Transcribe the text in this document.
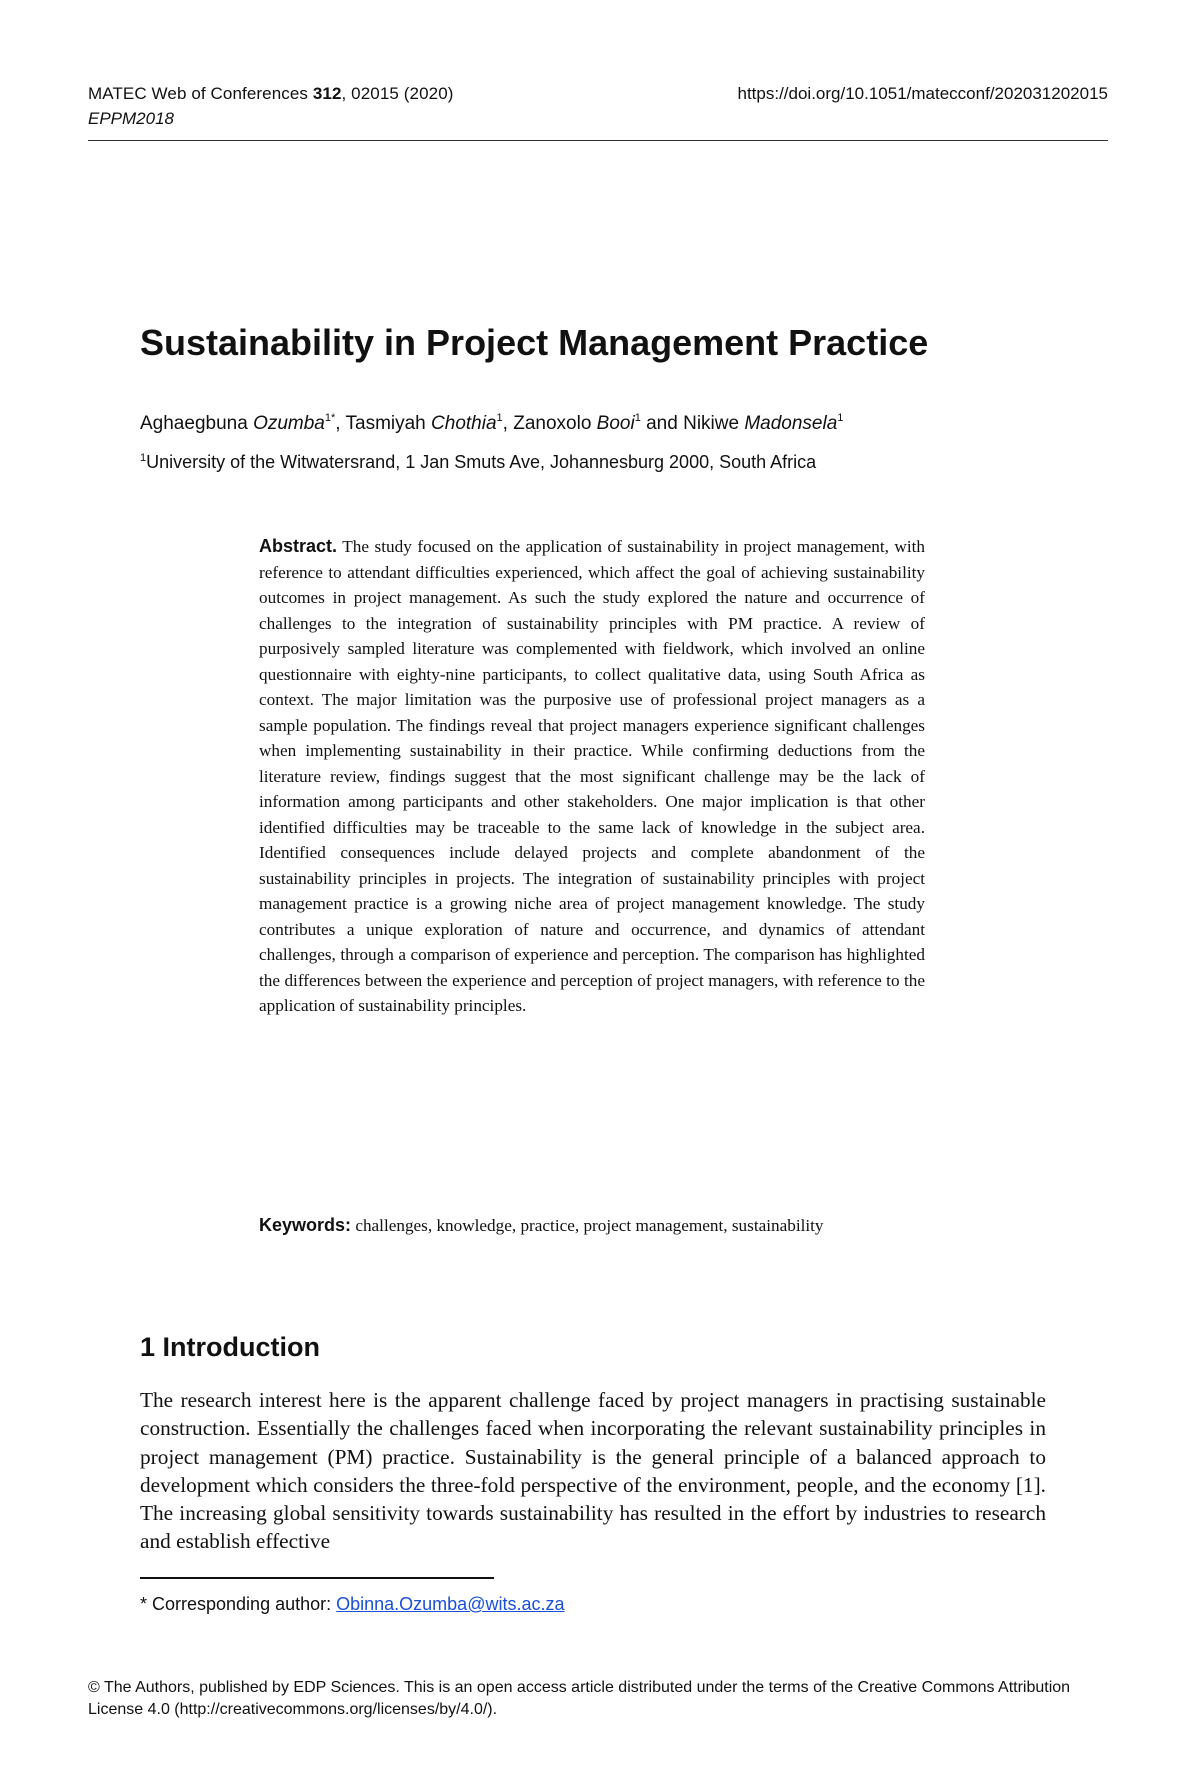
MATEC Web of Conferences 312, 02015 (2020)	https://doi.org/10.1051/matecconf/202031202015
EPPM2018
Sustainability in Project Management Practice
Aghaegbuna Ozumba$^{1*}$, Tasmiyah Chothia$^1$, Zanoxolo Booi$^1$ and Nikiwe Madonsela$^1$
$^1$University of the Witwatersrand, 1 Jan Smuts Ave, Johannesburg 2000, South Africa

Abstract. The study focused on the application of sustainability in project management, with reference to attendant difficulties experienced, which affect the goal of achieving sustainability outcomes in project management. As such the study explored the nature and occurrence of challenges to the integration of sustainability principles with PM practice. A review of purposively sampled literature was complemented with fieldwork, which involved an online questionnaire with eighty-nine participants, to collect qualitative data, using South Africa as context. The major limitation was the purposive use of professional project managers as a sample population. The findings reveal that project managers experience significant challenges when implementing sustainability in their practice. While confirming deductions from the literature review, findings suggest that the most significant challenge may be the lack of information among participants and other stakeholders. One major implication is that other identified difficulties may be traceable to the same lack of knowledge in the subject area. Identified consequences include delayed projects and complete abandonment of the sustainability principles in projects. The integration of sustainability principles with project management practice is a growing niche area of project management knowledge. The study contributes a unique exploration of nature and occurrence, and dynamics of attendant challenges, through a comparison of experience and perception. The comparison has highlighted the differences between the experience and perception of project managers, with reference to the application of sustainability principles.

Keywords: challenges, knowledge, practice, project management, sustainability

1 Introduction

The research interest here is the apparent challenge faced by project managers in practising sustainable construction. Essentially the challenges faced when incorporating the relevant sustainability principles in project management (PM) practice. Sustainability is the general principle of a balanced approach to development which considers the three-fold perspective of the environment, people, and the economy [1]. The increasing global sensitivity towards sustainability has resulted in the effort by industries to research and establish effective

* Corresponding author: Obinna.Ozumba@wits.ac.za

© The Authors, published by EDP Sciences. This is an open access article distributed under the terms of the Creative Commons Attribution License 4.0 (http://creativecommons.org/licenses/by/4.0/).
